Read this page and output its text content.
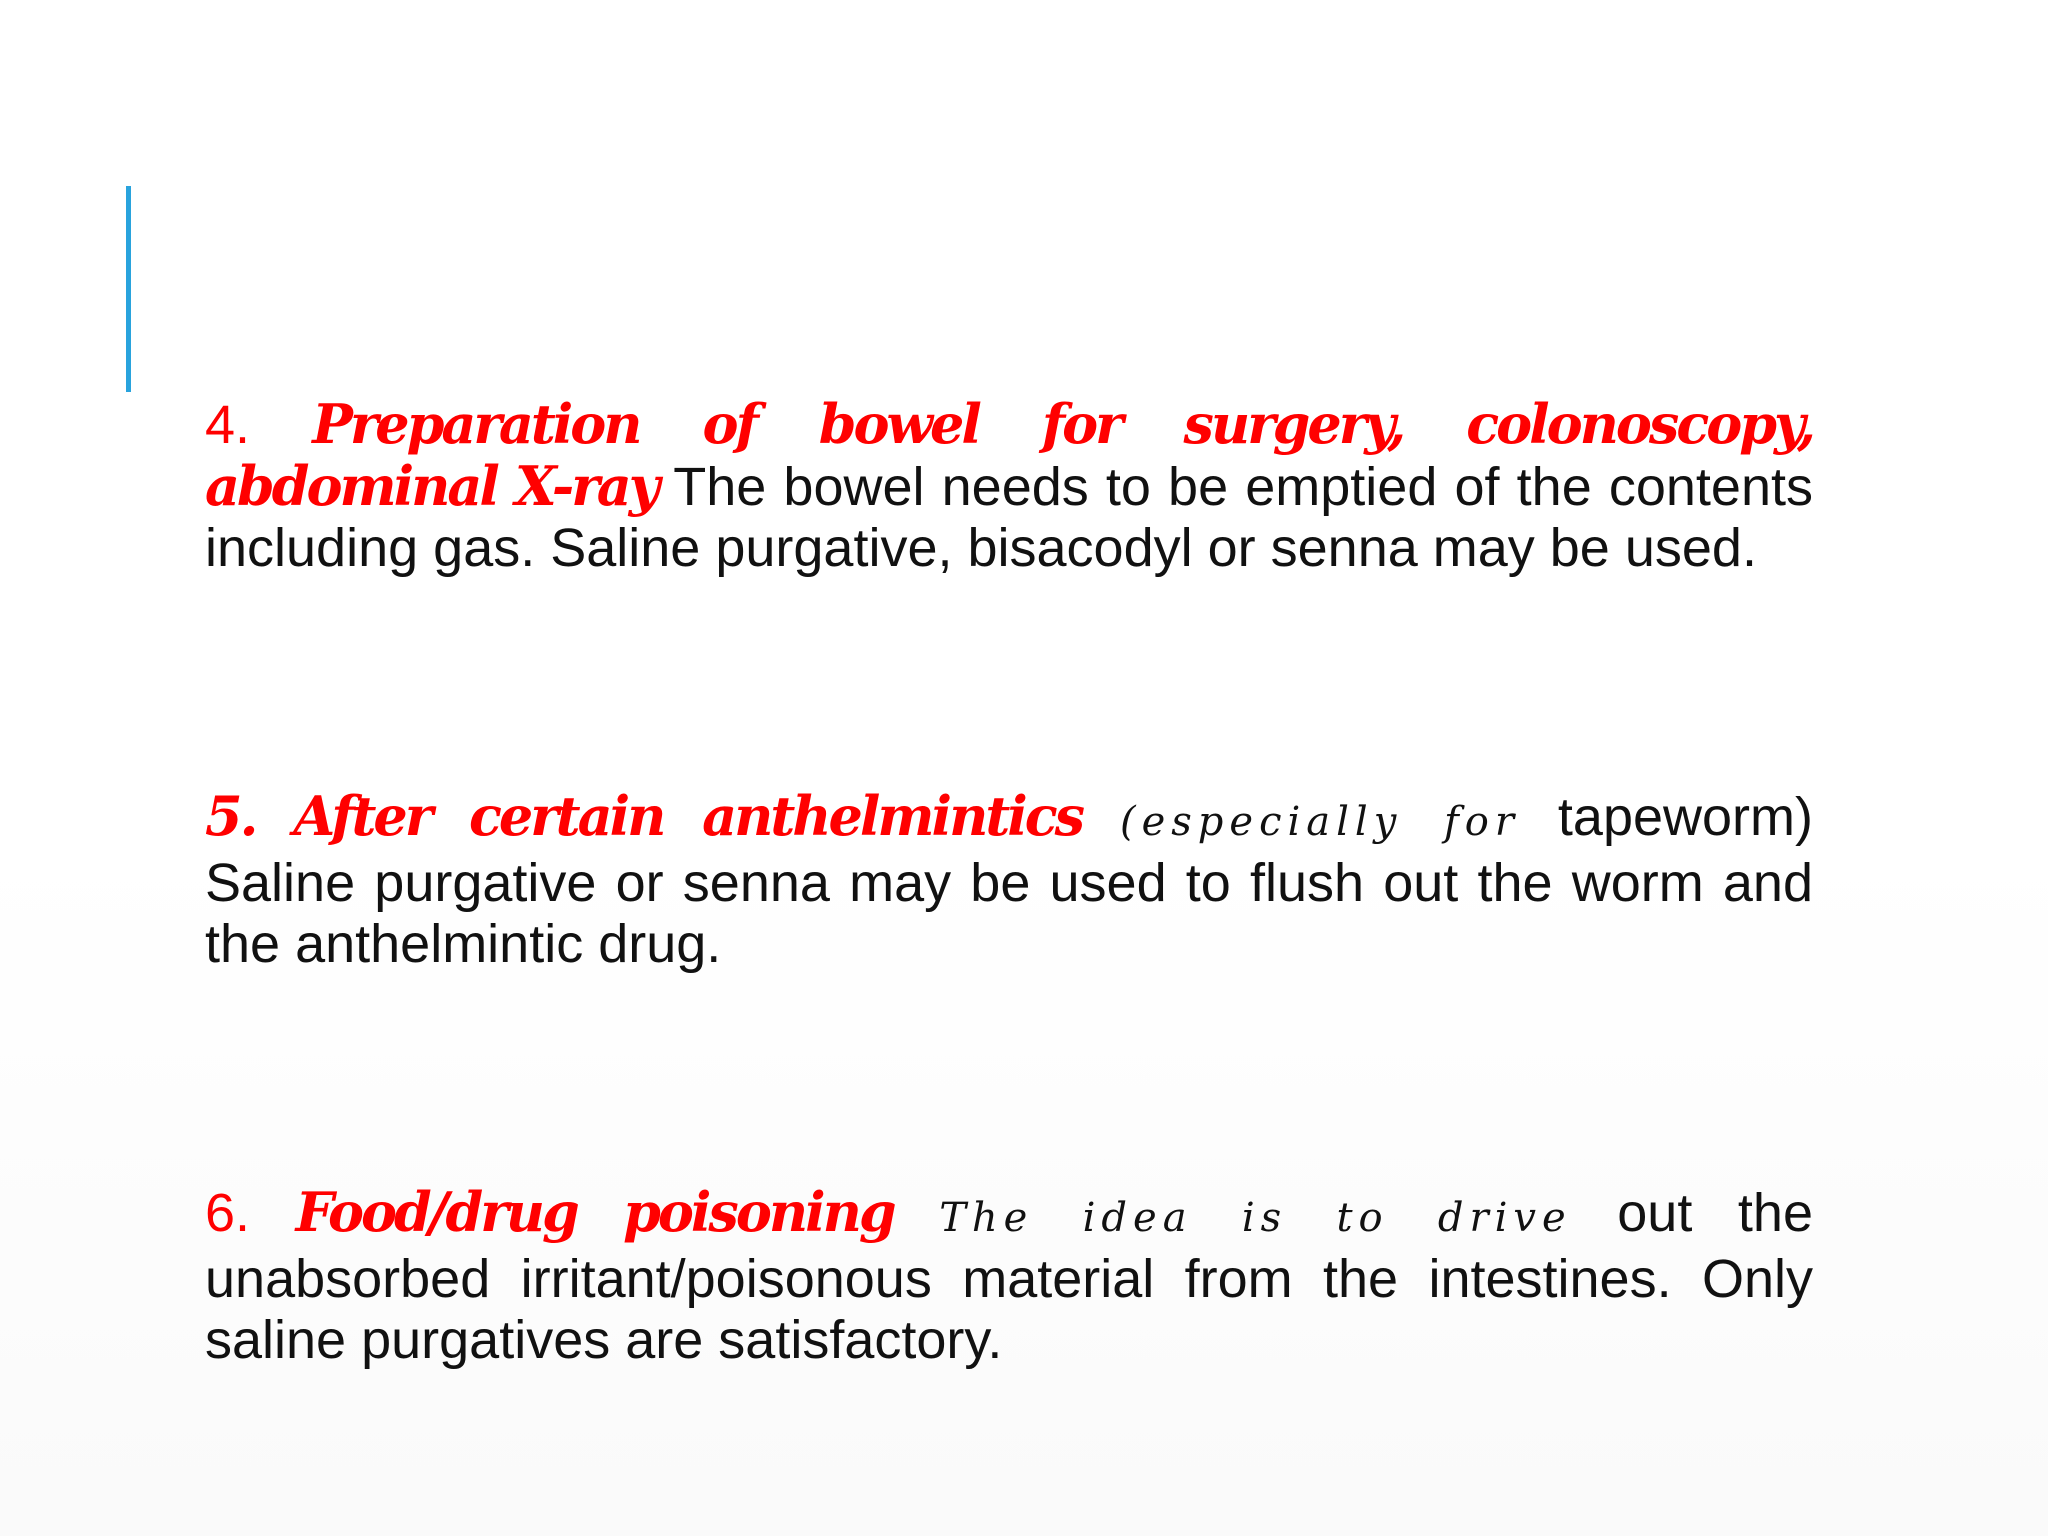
4. Preparation of bowel for surgery, colonoscopy, abdominal X-ray The bowel needs to be emptied of the contents including gas. Saline purgative, bisacodyl or senna may be used.

5. After certain anthelmintics (especially for tapeworm) Saline purgative or senna may be used to flush out the worm and the anthelmintic drug.

6. Food/drug poisoning The idea is to drive out the unabsorbed irritant/poisonous material from the intestines. Only saline purgatives are satisfactory.
